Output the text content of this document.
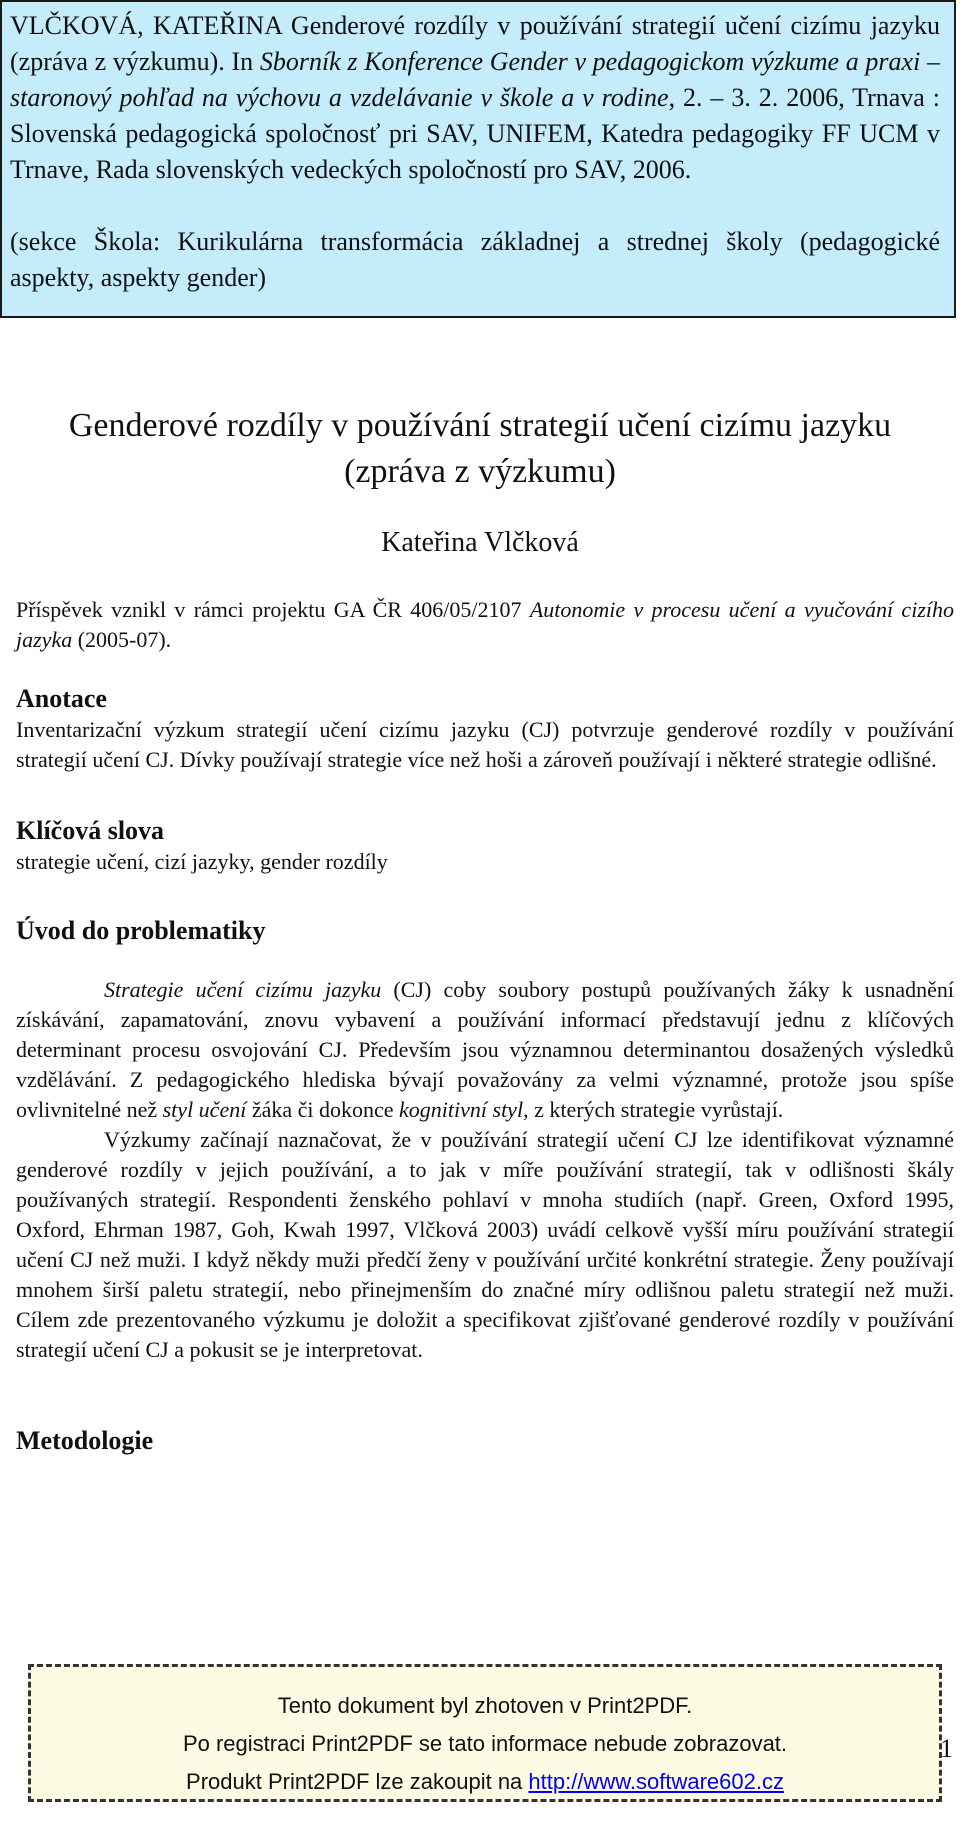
VLČKOVÁ, KATEŘINA Genderové rozdíly v používání strategií učení cizímu jazyku (zpráva z výzkumu). In Sborník z Konference Gender v pedagogickom výzkume a praxi – staronový pohľad na výchovu a vzdelávanie v škole a v rodine, 2. – 3. 2. 2006, Trnava : Slovenská pedagogická spoločnosť pri SAV, UNIFEM, Katedra pedagogiky FF UCM v Trnave, Rada slovenských vedeckých spoločností pro SAV, 2006.

(sekce Škola: Kurikulárna transformácia základnej a strednej školy (pedagogické aspekty, aspekty gender)

Genderové rozdíly v používání strategií učení cizímu jazyku
(zpráva z výzkumu)

Kateřina Vlčková

Příspěvek vznikl v rámci projektu GA ČR 406/05/2107 Autonomie v procesu učení a vyučování cizího jazyka (2005-07).

Anotace

Inventarizační výzkum strategií učení cizímu jazyku (CJ) potvrzuje genderové rozdíly v používání strategií učení CJ. Dívky používají strategie více než hoši a zároveň používají i některé strategie odlišné.

Klíčová slova

strategie učení, cizí jazyky, gender rozdíly

Úvod do problematiky

Strategie učení cizímu jazyku (CJ) coby soubory postupů používaných žáky k usnadnění získávání, zapamatování, znovu vybavení a používání informací představují jednu z klíčových determinant procesu osvojování CJ. Především jsou významnou determinantou dosažených výsledků vzdělávání. Z pedagogického hlediska bývají považovány za velmi významné, protože jsou spíše ovlivnitelné než styl učení žáka či dokonce kognitivní styl, z kterých strategie vyrůstají.

Výzkumy začínají naznačovat, že v používání strategií učení CJ lze identifikovat významné genderové rozdíly v jejich používání, a to jak v míře používání strategií, tak v odlišnosti škály používaných strategií. Respondenti ženského pohlaví v mnoha studiích (např. Green, Oxford 1995, Oxford, Ehrman 1987, Goh, Kwah 1997, Vlčková 2003) uvádí celkově vyšší míru používání strategií učení CJ než muži. I když někdy muži předčí ženy v používání určité konkrétní strategie. Ženy používají mnohem širší paletu strategií, nebo přinejmenším do značné míry odlišnou paletu strategií než muži. Cílem zde prezentovaného výzkumu je doložit a specifikovat zjišťované genderové rozdíly v používání strategií učení CJ a pokusit se je interpretovat.

Metodologie
Tento dokument byl zhotoven v Print2PDF.
Po registraci Print2PDF se tato informace nebude zobrazovat.
Produkt Print2PDF lze zakoupit na http://www.software602.cz
1
